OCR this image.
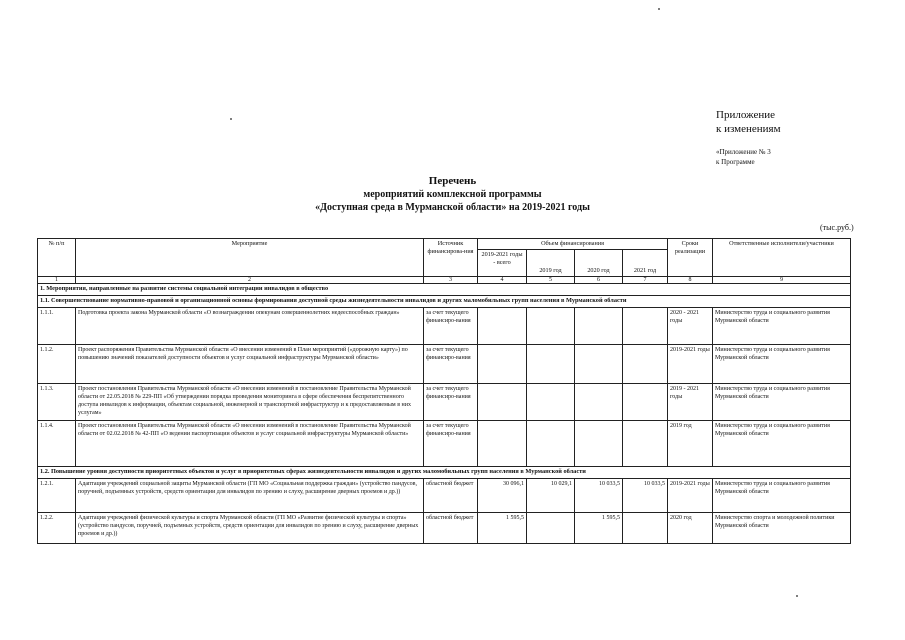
Приложение
к изменениям
«Приложение № 3
к Программе
Перечень
мероприятий комплексной программы
«Доступная среда в Мурманской области» на 2019-2021 годы
(тыс.руб.)
№ п/п	Мероприятие	Источник финансирова-ния	Объем финансирования				Сроки реализации	Ответственные исполнители/участники
			2019-2021 годы - всего	2019 год	2020 год	2021 год		
1	2	3	4	5	6	7	8	9
1. Мероприятия, направленные на развитие системы социальной интеграции инвалидов в общество								
1.1. Совершенствование нормативно-правовой и организационной основы формирования доступной среды жизнедеятельности инвалидов и других маломобильных групп населения в Мурманской области								
1.1.1.	Подготовка проекта закона Мурманской области «О вознаграждении опекунам совершеннолетних недееспособных граждан»	за счет текущего финансиро-вания					2020 - 2021 годы	Министерство труда и социального развития Мурманской области
1.1.2.	Проект распоряжения Правительства Мурманской области «О внесении изменений в План мероприятий («дорожную карту») по повышению значений показателей доступности объектов и услуг социальной инфраструктуры Мурманской области»	за счет текущего финансиро-вания					2019-2021 годы	Министерство труда и социального развития Мурманской области
1.1.3.	Проект постановления Правительства Мурманской области «О внесении изменений в постановление Правительства Мурманской области от 22.05.2018 № 229-ПП «Об утверждении порядка проведения мониторинга в сфере обеспечения беспрепятственного доступа инвалидов к информации, объектам социальной, инженерной и транспортной инфраструктур и к предоставляемым в них услугам»	за счет текущего финансиро-вания					2019 - 2021 годы	Министерство труда и социального развития Мурманской области
1.1.4.	Проект постановления Правительства Мурманской области «О внесении изменений в постановление Правительства Мурманской области от 02.02.2018 № 42-ПП «О ведении паспортизации объектов и услуг социальной инфраструктуры Мурманской области»	за счет текущего финансиро-вания					2019 год	Министерство труда и социального развития Мурманской области
1.2. Повышение уровня доступности приоритетных объектов и услуг в приоритетных сферах жизнедеятельности инвалидов и других маломобильных групп населения в Мурманской области								
1.2.1.	Адаптация учреждений социальной защиты Мурманской области (ГП МО «Социальная поддержка граждан» (устройство пандусов, поручней, подъемных устройств, средств ориентации для инвалидов по зрению и слуху, расширение дверных проемов и др.))	областной бюджет	30 096,1	10 029,1	10 033,5	10 033,5	2019-2021 годы	Министерство труда и социального развития Мурманской области
1.2.2.	Адаптация учреждений физической культуры и спорта Мурманской области (ГП МО «Развитие физической культуры и спорта» (устройство пандусов, поручней, подъемных устройств, средств ориентации для инвалидов по зрению и слуху, расширение дверных проемов и др.))	областной бюджет	1 595,5		1 595,5		2020 год	Министерство спорта и молодежной политики Мурманской области
